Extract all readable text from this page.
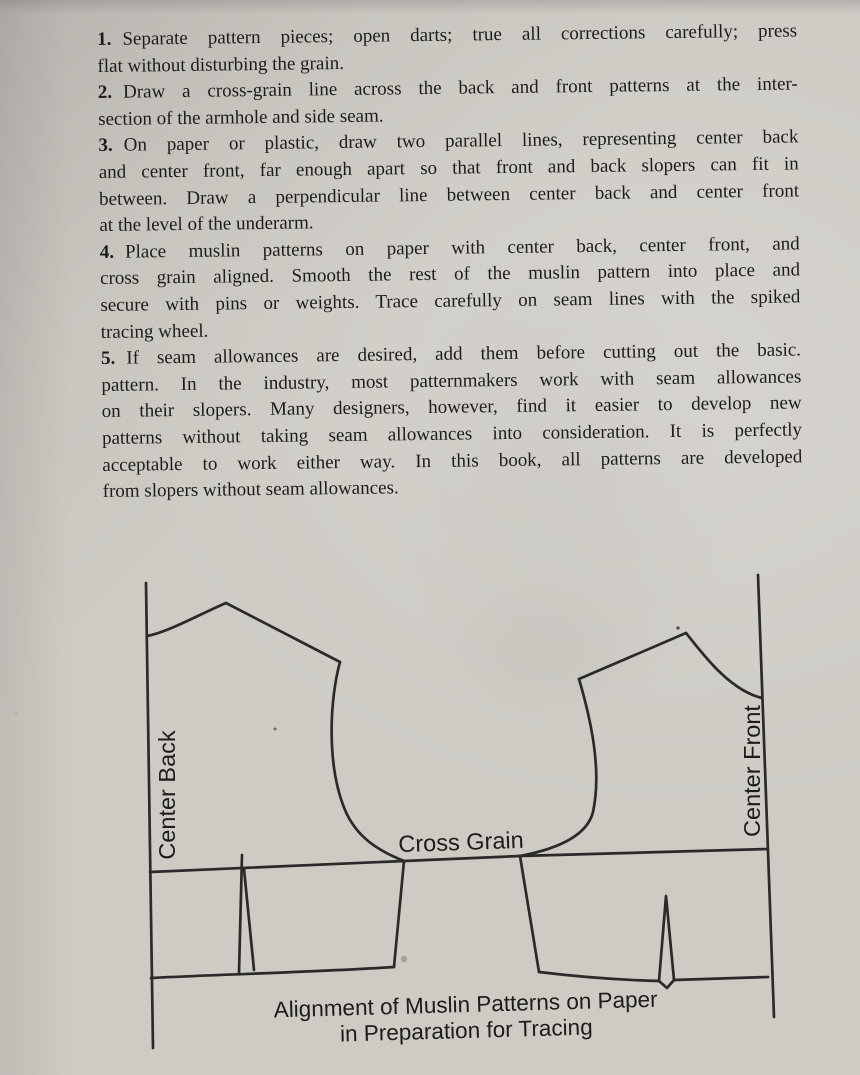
1. Separate pattern pieces; open darts; true all corrections carefully; press
flat without disturbing the grain.
2. Draw a cross-grain line across the back and front patterns at the inter-
section of the armhole and side seam.
3. On paper or plastic, draw two parallel lines, representing center back
and center front, far enough apart so that front and back slopers can fit in
between. Draw a perpendicular line between center back and center front
at the level of the underarm.
4. Place muslin patterns on paper with center back, center front, and
cross grain aligned. Smooth the rest of the muslin pattern into place and
secure with pins or weights. Trace carefully on seam lines with the spiked
tracing wheel.
5. If seam allowances are desired, add them before cutting out the basic.
pattern. In the industry, most patternmakers work with seam allowances
on their slopers. Many designers, however, find it easier to develop new
patterns without taking seam allowances into consideration. It is perfectly
acceptable to work either way. In this book, all patterns are developed
from slopers without seam allowances.
Center Back	Center Front
Cross Grain
Alignment of Muslin Patterns on Paper
in Preparation for Tracing
